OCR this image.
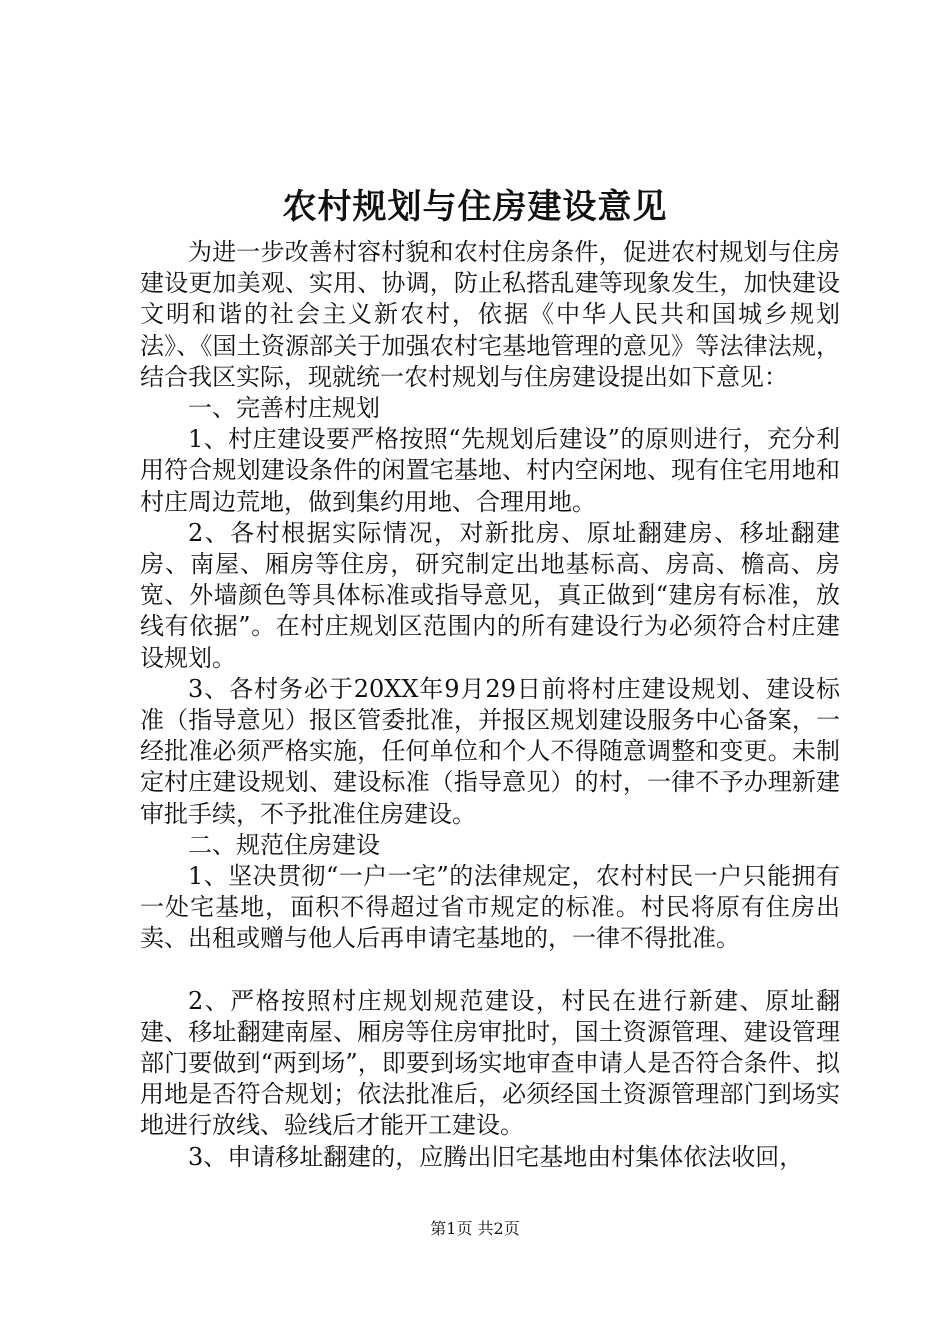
农村规划与住房建设意见

为进一步改善村容村貌和农村住房条件，促进农村规划与住房建设更加美观、实用、协调，防止私搭乱建等现象发生，加快建设文明和谐的社会主义新农村，依据《中华人民共和国城乡规划法》、《国土资源部关于加强农村宅基地管理的意见》等法律法规，结合我区实际，现就统一农村规划与住房建设提出如下意见：

一、完善村庄规划

1、村庄建设要严格按照“先规划后建设”的原则进行，充分利用符合规划建设条件的闲置宅基地、村内空闲地、现有住宅用地和村庄周边荒地，做到集约用地、合理用地。

2、各村根据实际情况，对新批房、原址翻建房、移址翻建房、南屋、厢房等住房，研究制定出地基标高、房高、檐高、房宽、外墙颜色等具体标准或指导意见，真正做到“建房有标准，放线有依据”。在村庄规划区范围内的所有建设行为必须符合村庄建设规划。

3、各村务必于20XX年9月29日前将村庄建设规划、建设标准（指导意见）报区管委批准，并报区规划建设服务中心备案，一经批准必须严格实施，任何单位和个人不得随意调整和变更。未制定村庄建设规划、建设标准（指导意见）的村，一律不予办理新建审批手续，不予批准住房建设。

二、规范住房建设

1、坚决贯彻“一户一宅”的法律规定，农村村民一户只能拥有一处宅基地，面积不得超过省市规定的标准。村民将原有住房出卖、出租或赠与他人后再申请宅基地的，一律不得批准。

2、严格按照村庄规划规范建设，村民在进行新建、原址翻建、移址翻建南屋、厢房等住房审批时，国土资源管理、建设管理部门要做到“两到场”，即要到场实地审查申请人是否符合条件、拟用地是否符合规划；依法批准后，必须经国土资源管理部门到场实地进行放线、验线后才能开工建设。

3、申请移址翻建的，应腾出旧宅基地由村集体依法收回，

第1页 共2页
